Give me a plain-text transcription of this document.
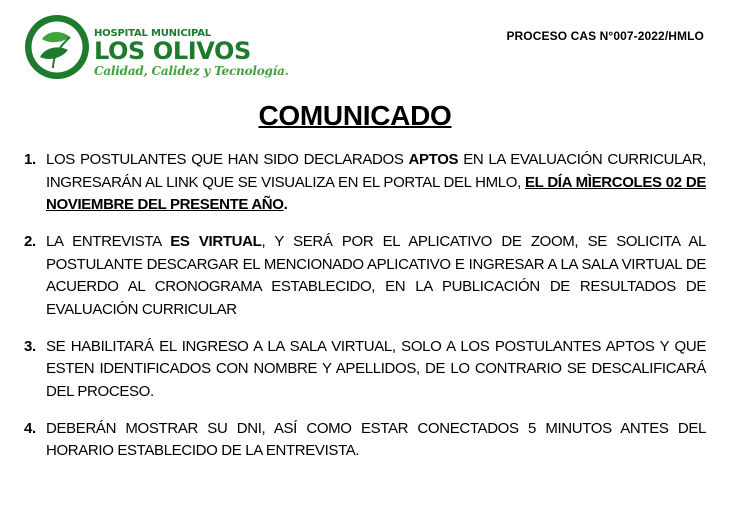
HOSPITAL MUNICIPAL
LOS OLIVOS
Calidad, Calidez y Tecnología.
PROCESO CAS N°007-2022/HMLO
COMUNICADO
1. LOS POSTULANTES QUE HAN SIDO DECLARADOS APTOS EN LA EVALUACIÓN CURRICULAR, INGRESARÁN AL LINK QUE SE VISUALIZA EN EL PORTAL DEL HMLO, EL DÍA MÌERCOLES 02 DE NOVIEMBRE DEL PRESENTE AÑO.
2. LA ENTREVISTA ES VIRTUAL, Y SERÁ POR EL APLICATIVO DE ZOOM, SE SOLICITA AL POSTULANTE DESCARGAR EL MENCIONADO APLICATIVO E INGRESAR A LA SALA VIRTUAL DE ACUERDO AL CRONOGRAMA ESTABLECIDO, EN LA PUBLICACIÓN DE RESULTADOS DE EVALUACIÓN CURRICULAR
3. SE HABILITARÁ EL INGRESO A LA SALA VIRTUAL, SOLO A LOS POSTULANTES APTOS Y QUE ESTEN IDENTIFICADOS CON NOMBRE Y APELLIDOS, DE LO CONTRARIO SE DESCALIFICARÁ DEL PROCESO.
4. DEBERÁN MOSTRAR SU DNI, ASÍ COMO ESTAR CONECTADOS 5 MINUTOS ANTES DEL HORARIO ESTABLECIDO DE LA ENTREVISTA.
